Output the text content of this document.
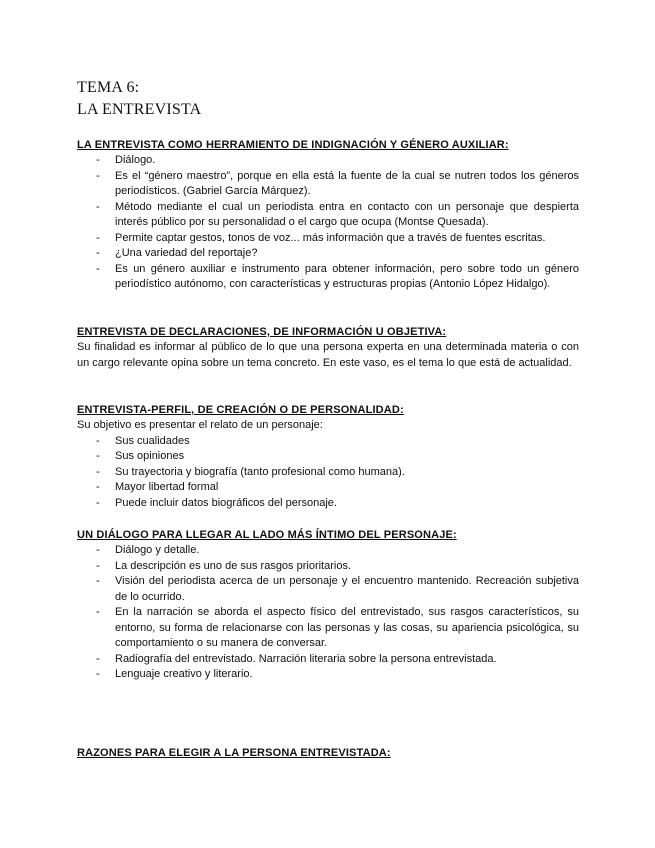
TEMA 6:
LA ENTREVISTA
LA ENTREVISTA COMO HERRAMIENTO DE INDIGNACIÓN Y GÉNERO AUXILIAR:
- Diálogo.
- Es el “género maestro”, porque en ella está la fuente de la cual se nutren todos los géneros periodísticos. (Gabriel García Márquez).
- Método mediante el cual un periodista entra en contacto con un personaje que despierta interés público por su personalidad o el cargo que ocupa (Montse Quesada).
- Permite captar gestos, tonos de voz... más información que a través de fuentes escritas.
- ¿Una variedad del reportaje?
- Es un género auxiliar e instrumento para obtener información, pero sobre todo un género periodístico autónomo, con características y estructuras propias (Antonio López Hidalgo).
ENTREVISTA DE DECLARACIONES, DE INFORMACIÓN U OBJETIVA:

Su finalidad es informar al público de lo que una persona experta en una determinada materia o con un cargo relevante opina sobre un tema concreto. En este vaso, es el tema lo que está de actualidad.

ENTREVISTA-PERFIL, DE CREACIÓN O DE PERSONALIDAD:

Su objetivo es presentar el relato de un personaje:

- Sus cualidades
- Sus opiniones
- Su trayectoria y biografía (tanto profesional como humana).
- Mayor libertad formal
- Puede incluir datos biográficos del personaje.
UN DIÁLOGO PARA LLEGAR AL LADO MÁS ÍNTIMO DEL PERSONAJE:
- Diálogo y detalle.
- La descripción es uno de sus rasgos prioritarios.
- Visión del periodista acerca de un personaje y el encuentro mantenido. Recreación subjetiva de lo ocurrido.
- En la narración se aborda el aspecto físico del entrevistado, sus rasgos característicos, su entorno, su forma de relacionarse con las personas y las cosas, su apariencia psicológica, su comportamiento o su manera de conversar.
- Radiografía del entrevistado. Narración literaria sobre la persona entrevistada.
- Lenguaje creativo y literario.
RAZONES PARA ELEGIR A LA PERSONA ENTREVISTADA:
